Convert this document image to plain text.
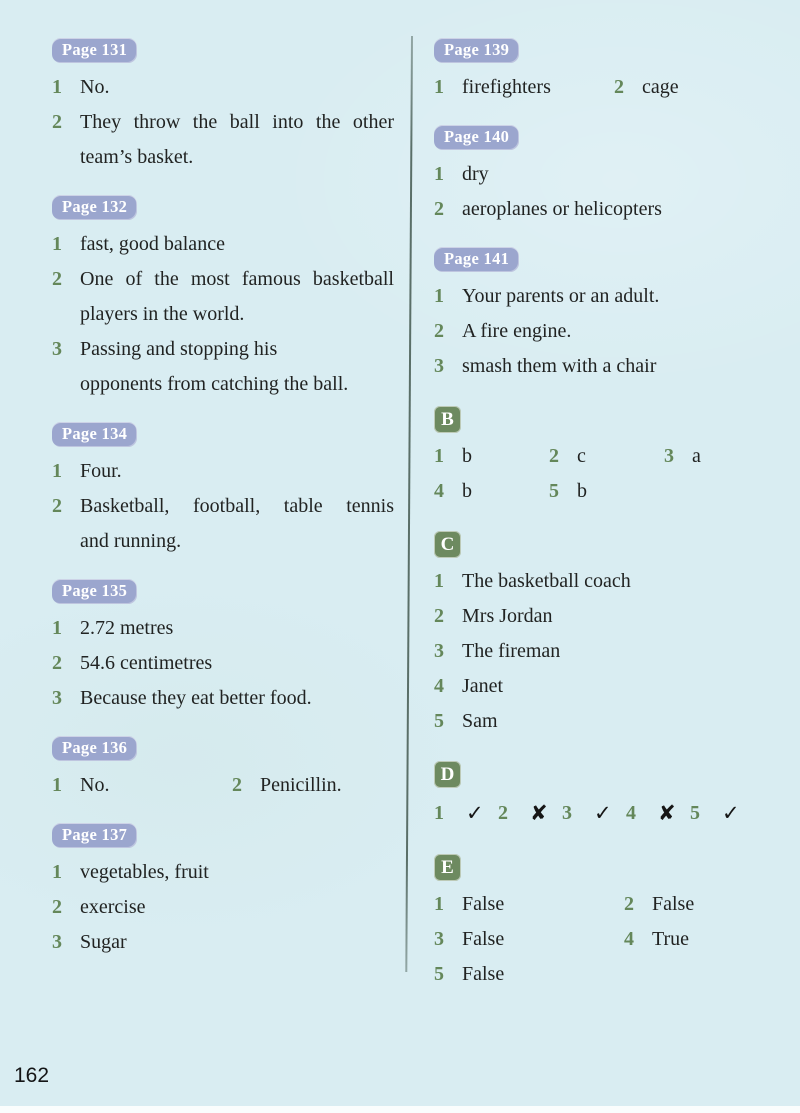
Page 131
1 No.
2 They throw the ball into the other
team’s basket.
Page 132
1 fast, good balance
2 One of the most famous basketball
players in the world.
3 Passing and stopping his
opponents from catching the ball.
Page 134
1 Four.
2 Basketball, football, table tennis
and running.
Page 135
1 2.72 metres
2 54.6 centimetres
3 Because they eat better food.
Page 136
1 No.	2 Penicillin.
Page 137
1 vegetables, fruit
2 exercise
3 Sugar
Page 139
1 firefighters	2 cage
Page 140
1 dry
2 aeroplanes or helicopters
Page 141
1 Your parents or an adult.
2 A fire engine.
3 smash them with a chair
B
1 b	2 c	3 a
4 b	5 b
C
1 The basketball coach
2 Mrs Jordan
3 The fireman
4 Janet
5 Sam
D
1	✓ 2	✘ 3	✓ 4	✘ 5	✓
E
1 False	2 False
3 False	4 True
5 False
162
